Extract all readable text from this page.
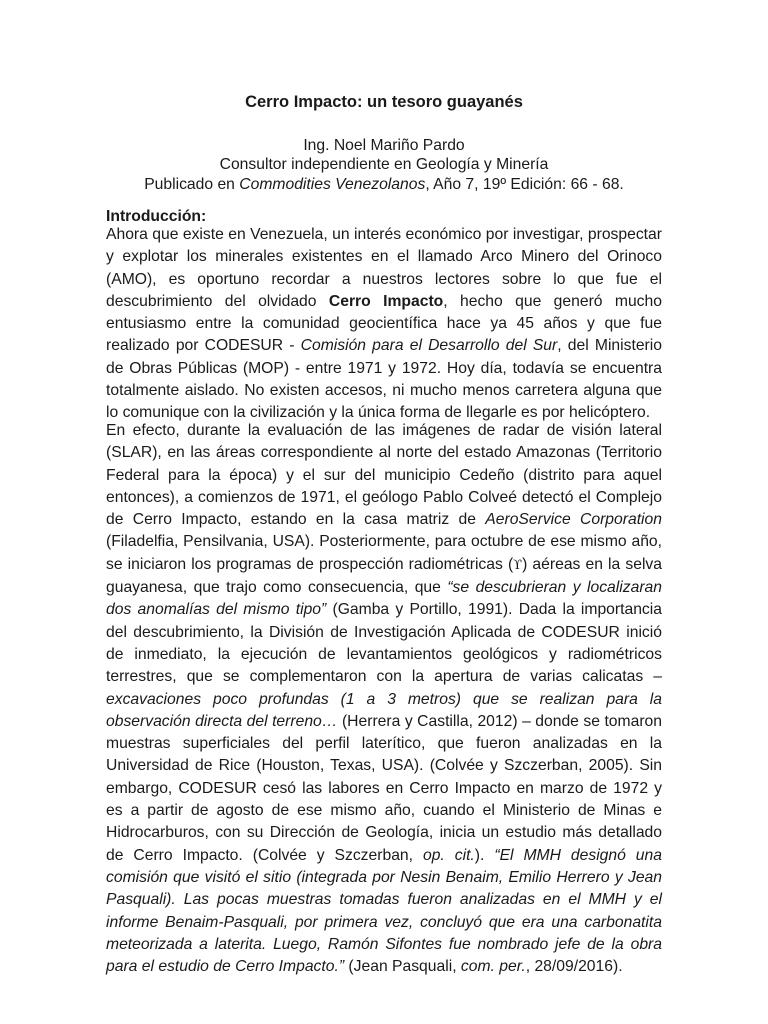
Cerro Impacto: un tesoro guayanés
Ing. Noel Mariño Pardo
Consultor independiente en Geología y Minería
Publicado en Commodities Venezolanos, Año 7, 19º Edición: 66 - 68.
Introducción:

Ahora que existe en Venezuela, un interés económico por investigar, prospectar y explotar los minerales existentes en el llamado Arco Minero del Orinoco (AMO), es oportuno recordar a nuestros lectores sobre lo que fue el descubrimiento del olvidado Cerro Impacto, hecho que generó mucho entusiasmo entre la comunidad geocientífica hace ya 45 años y que fue realizado por CODESUR - Comisión para el Desarrollo del Sur, del Ministerio de Obras Públicas (MOP) - entre 1971 y 1972. Hoy día, todavía se encuentra totalmente aislado. No existen accesos, ni mucho menos carretera alguna que lo comunique con la civilización y la única forma de llegarle es por helicóptero.

En efecto, durante la evaluación de las imágenes de radar de visión lateral (SLAR), en las áreas correspondiente al norte del estado Amazonas (Territorio Federal para la época) y el sur del municipio Cedeño (distrito para aquel entonces), a comienzos de 1971, el geólogo Pablo Colveé detectó el Complejo de Cerro Impacto, estando en la casa matriz de AeroService Corporation (Filadelfia, Pensilvania, USA). Posteriormente, para octubre de ese mismo año, se iniciaron los programas de prospección radiométricas (ϒ) aéreas en la selva guayanesa, que trajo como consecuencia, que “se descubrieran y localizaran dos anomalías del mismo tipo” (Gamba y Portillo, 1991). Dada la importancia del descubrimiento, la División de Investigación Aplicada de CODESUR inició de inmediato, la ejecución de levantamientos geológicos y radiométricos terrestres, que se complementaron con la apertura de varias calicatas – excavaciones poco profundas (1 a 3 metros) que se realizan para la observación directa del terreno… (Herrera y Castilla, 2012) – donde se tomaron muestras superficiales del perfil laterítico, que fueron analizadas en la Universidad de Rice (Houston, Texas, USA). (Colvée y Szczerban, 2005). Sin embargo, CODESUR cesó las labores en Cerro Impacto en marzo de 1972 y es a partir de agosto de ese mismo año, cuando el Ministerio de Minas e Hidrocarburos, con su Dirección de Geología, inicia un estudio más detallado de Cerro Impacto. (Colvée y Szczerban, op. cit.). “El MMH designó una comisión que visitó el sitio (integrada por Nesin Benaim, Emilio Herrero y Jean Pasquali). Las pocas muestras tomadas fueron analizadas en el MMH y el informe Benaim-Pasquali, por primera vez, concluyó que era una carbonatita meteorizada a laterita. Luego, Ramón Sifontes fue nombrado jefe de la obra para el estudio de Cerro Impacto.” (Jean Pasquali, com. per., 28/09/2016).
